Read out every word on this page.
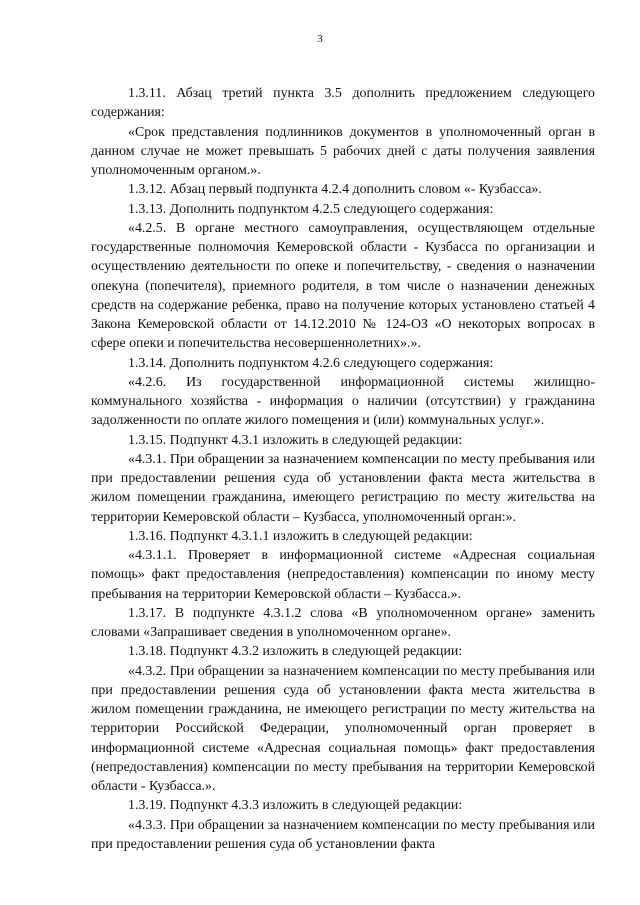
3

1.3.11. Абзац третий пункта 3.5 дополнить предложением следующего содержания:

«Срок представления подлинников документов в уполномоченный орган в данном случае не может превышать 5 рабочих дней с даты получения заявления уполномоченным органом.».

1.3.12. Абзац первый подпункта 4.2.4 дополнить словом «- Кузбасса».

1.3.13. Дополнить подпунктом 4.2.5 следующего содержания:

«4.2.5. В органе местного самоуправления, осуществляющем отдельные государственные полномочия Кемеровской области - Кузбасса по организации и осуществлению деятельности по опеке и попечительству, - сведения о назначении опекуна (попечителя), приемного родителя, в том числе о назначении денежных средств на содержание ребенка, право на получение которых установлено статьей 4 Закона Кемеровской области от 14.12.2010 № 124-ОЗ «О некоторых вопросах в сфере опеки и попечительства несовершеннолетних».».

1.3.14. Дополнить подпунктом 4.2.6 следующего содержания:

«4.2.6. Из государственной информационной системы жилищно-коммунального хозяйства - информация о наличии (отсутствии) у гражданина задолженности по оплате жилого помещения и (или) коммунальных услуг.».

1.3.15. Подпункт 4.3.1 изложить в следующей редакции:

«4.3.1. При обращении за назначением компенсации по месту пребывания или при предоставлении решения суда об установлении факта места жительства в жилом помещении гражданина, имеющего регистрацию по месту жительства на территории Кемеровской области – Кузбасса, уполномоченный орган:».

1.3.16. Подпункт 4.3.1.1 изложить в следующей редакции:

«4.3.1.1. Проверяет в информационной системе «Адресная социальная помощь» факт предоставления (непредоставления) компенсации по иному месту пребывания на территории Кемеровской области – Кузбасса.».

1.3.17. В подпункте 4.3.1.2 слова «В уполномоченном органе» заменить словами «Запрашивает сведения в уполномоченном органе».

1.3.18. Подпункт 4.3.2 изложить в следующей редакции:

«4.3.2. При обращении за назначением компенсации по месту пребывания или при предоставлении решения суда об установлении факта места жительства в жилом помещении гражданина, не имеющего регистрации по месту жительства на территории Российской Федерации, уполномоченный орган проверяет в информационной системе «Адресная социальная помощь» факт предоставления (непредоставления) компенсации по месту пребывания на территории Кемеровской области - Кузбасса.».

1.3.19. Подпункт 4.3.3 изложить в следующей редакции:

«4.3.3. При обращении за назначением компенсации по месту пребывания или при предоставлении решения суда об установлении факта
